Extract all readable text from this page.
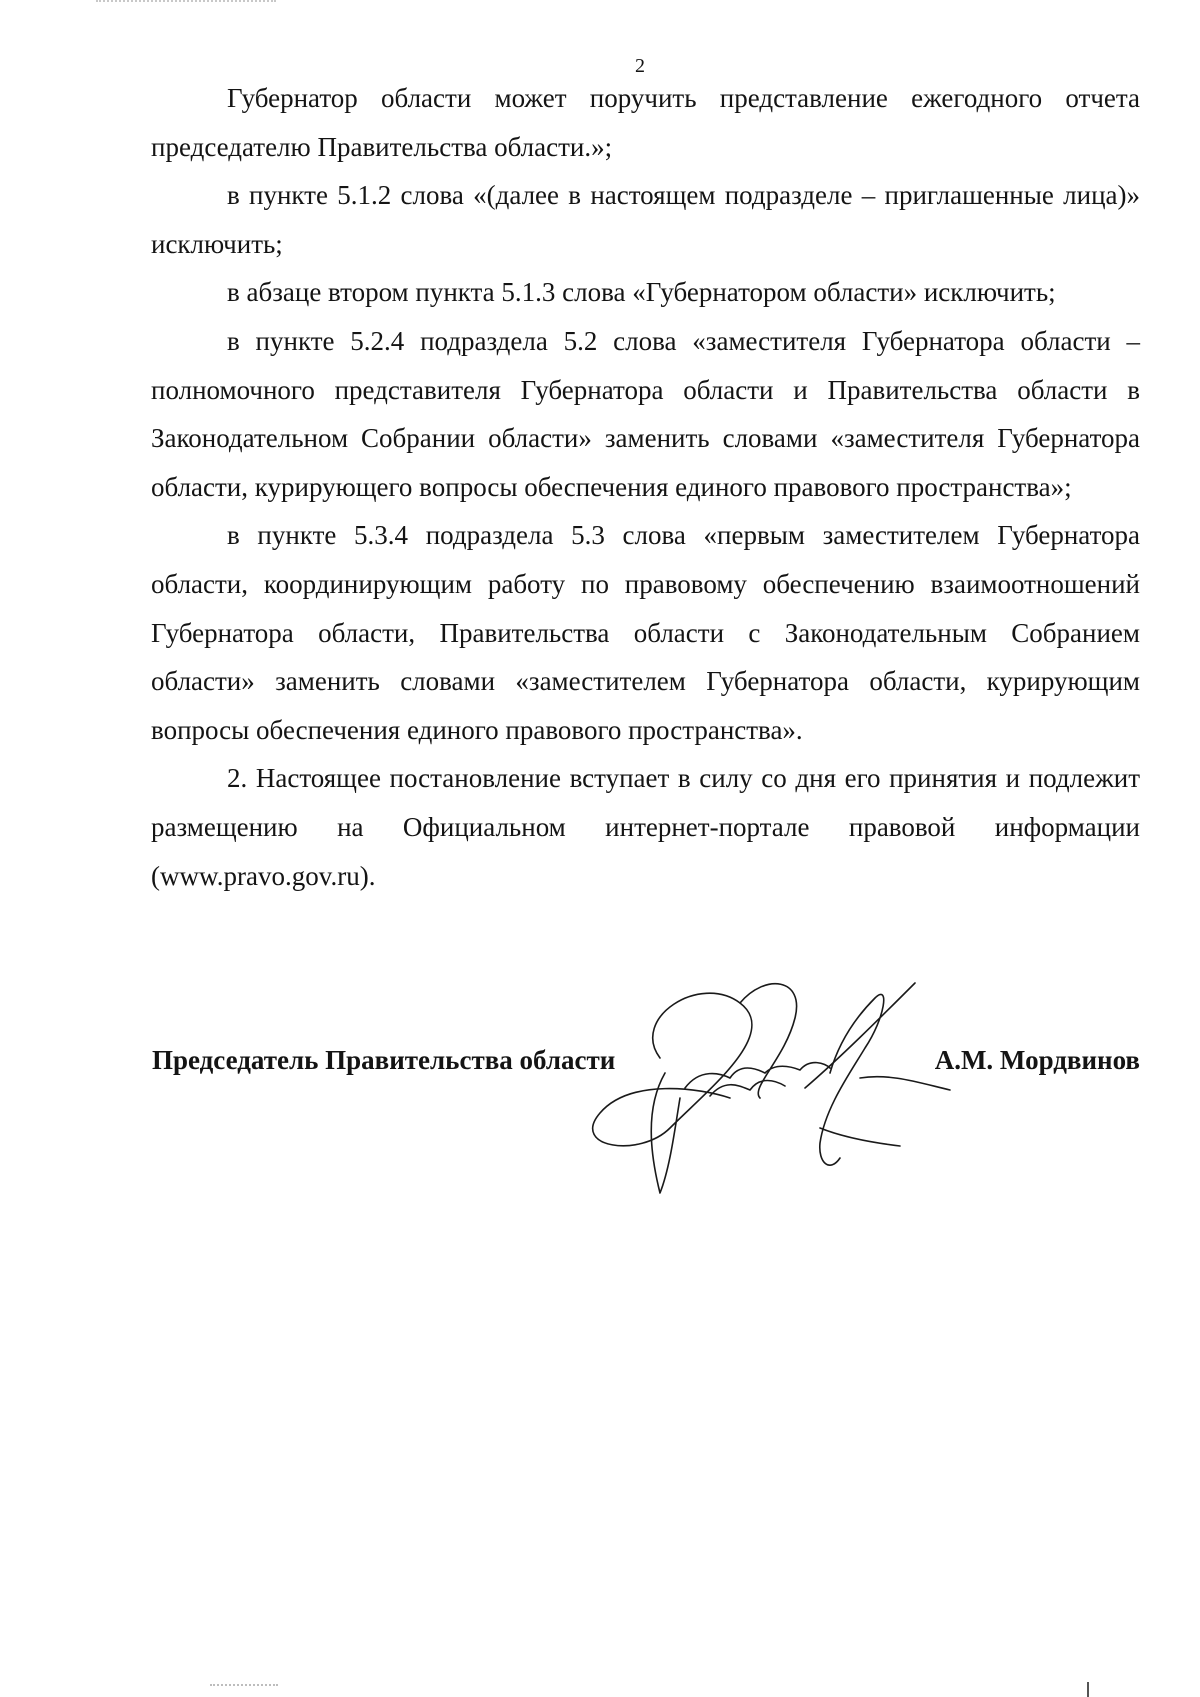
2

Губернатор области может поручить представление ежегодного отчета председателю Правительства области.»;

в пункте 5.1.2 слова «(далее в настоящем подразделе – приглашенные лица)» исключить;

в абзаце втором пункта 5.1.3 слова «Губернатором области» исключить;

в пункте 5.2.4 подраздела 5.2 слова «заместителя Губернатора области – полномочного представителя Губернатора области и Правительства области в Законодательном Собрании области» заменить словами «заместителя Губернатора области, курирующего вопросы обеспечения единого правового пространства»;

в пункте 5.3.4 подраздела 5.3 слова «первым заместителем Губернатора области, координирующим работу по правовому обеспечению взаимоотношений Губернатора области, Правительства области с Законодательным Собранием области» заменить словами «заместителем Губернатора области, курирующим вопросы обеспечения единого правового пространства».

2. Настоящее постановление вступает в силу со дня его принятия и подлежит размещению на Официальном интернет-портале правовой информации (www.pravo.gov.ru).

Председатель Правительства области	А.М. Мордвинов
